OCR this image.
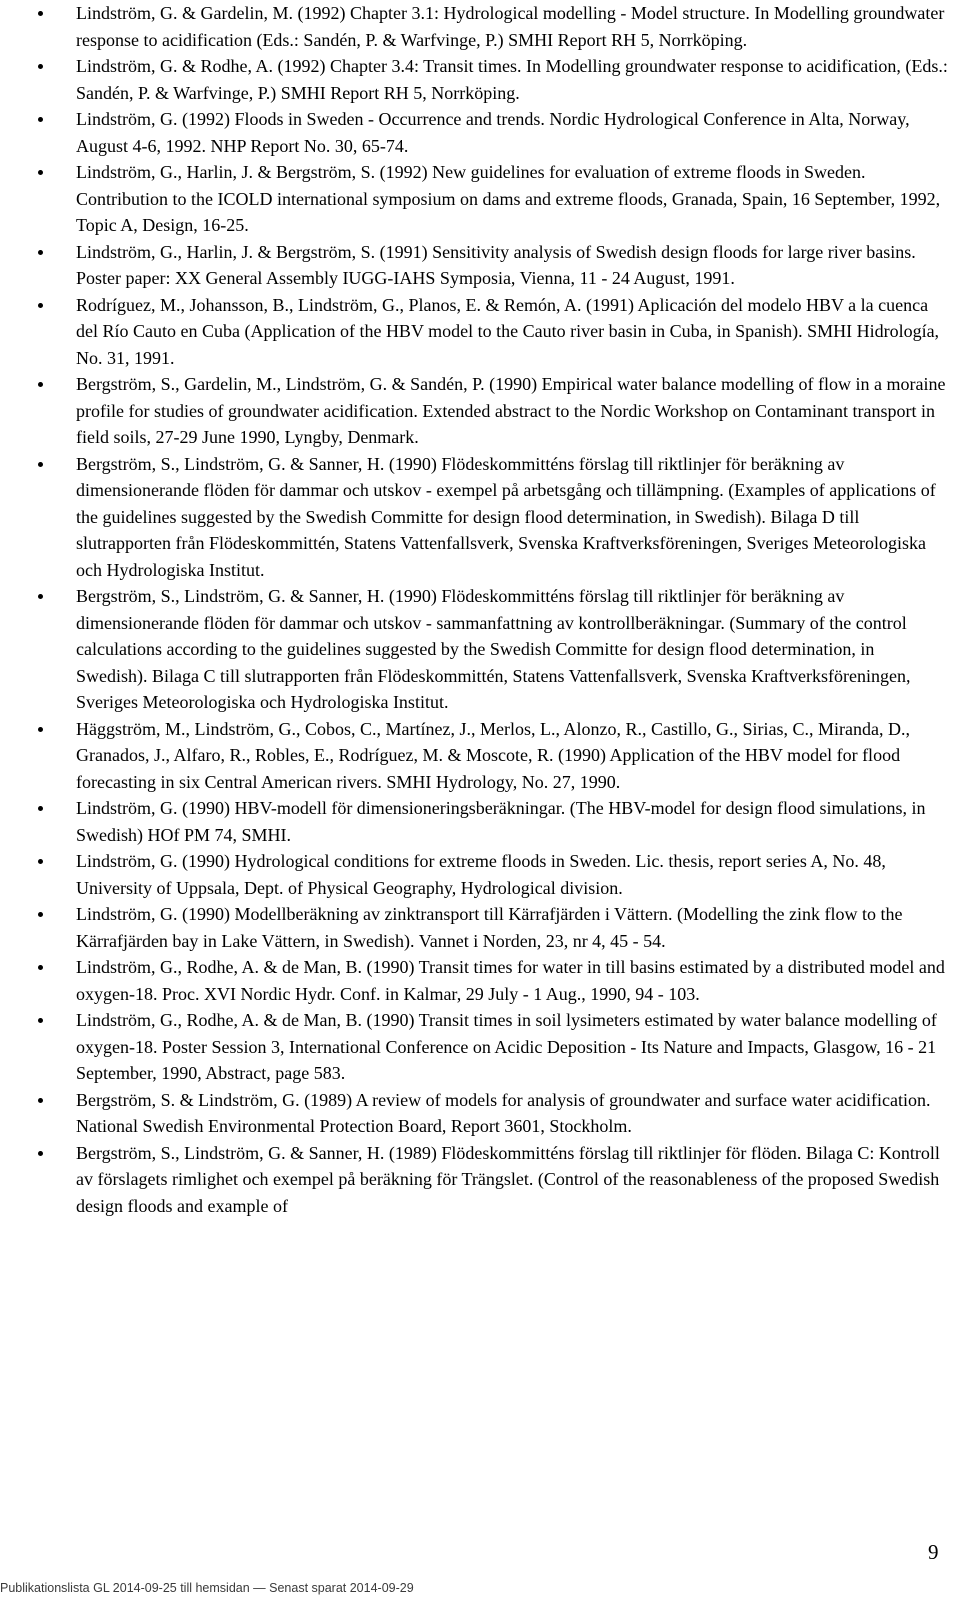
Lindström, G. & Gardelin, M. (1992) Chapter 3.1: Hydrological modelling - Model structure. In Modelling groundwater response to acidification (Eds.: Sandén, P. & Warfvinge, P.) SMHI Report RH 5, Norrköping.
Lindström, G. & Rodhe, A. (1992) Chapter 3.4: Transit times. In Modelling groundwater response to acidification, (Eds.: Sandén, P. & Warfvinge, P.) SMHI Report RH 5, Norrköping.
Lindström, G. (1992) Floods in Sweden - Occurrence and trends. Nordic Hydrological Conference in Alta, Norway, August 4-6, 1992. NHP Report No. 30, 65-74.
Lindström, G., Harlin, J. & Bergström, S. (1992) New guidelines for evaluation of extreme floods in Sweden. Contribution to the ICOLD international symposium on dams and extreme floods, Granada, Spain, 16 September, 1992, Topic A, Design, 16-25.
Lindström, G., Harlin, J. & Bergström, S. (1991) Sensitivity analysis of Swedish design floods for large river basins. Poster paper: XX General Assembly IUGG-IAHS Symposia, Vienna, 11 - 24 August, 1991.
Rodríguez, M., Johansson, B., Lindström, G., Planos, E. & Remón, A. (1991) Aplicación del modelo HBV a la cuenca del Río Cauto en Cuba (Application of the HBV model to the Cauto river basin in Cuba, in Spanish). SMHI Hidrología, No. 31, 1991.
Bergström, S., Gardelin, M., Lindström, G. & Sandén, P. (1990) Empirical water balance modelling of flow in a moraine profile for studies of groundwater acidification. Extended abstract to the Nordic Workshop on Contaminant transport in field soils, 27-29 June 1990, Lyngby, Denmark.
Bergström, S., Lindström, G. & Sanner, H. (1990) Flödeskommitténs förslag till riktlinjer för beräkning av dimensionerande flöden för dammar och utskov - exempel på arbetsgång och tillämpning. (Examples of applications of the guidelines suggested by the Swedish Committe for design flood determination, in Swedish). Bilaga D till slutrapporten från Flödeskommittén, Statens Vattenfallsverk, Svenska Kraftverksföreningen, Sveriges Meteorologiska och Hydrologiska Institut.
Bergström, S., Lindström, G. & Sanner, H. (1990) Flödeskommitténs förslag till riktlinjer för beräkning av dimensionerande flöden för dammar och utskov - sammanfattning av kontrollberäkningar. (Summary of the control calculations according to the guidelines suggested by the Swedish Committe for design flood determination, in Swedish). Bilaga C till slutrapporten från Flödeskommittén, Statens Vattenfallsverk, Svenska Kraftverksföreningen, Sveriges Meteorologiska och Hydrologiska Institut.
Häggström, M., Lindström, G., Cobos, C., Martínez, J., Merlos, L., Alonzo, R., Castillo, G., Sirias, C., Miranda, D., Granados, J., Alfaro, R., Robles, E., Rodríguez, M. & Moscote, R. (1990) Application of the HBV model for flood forecasting in six Central American rivers. SMHI Hydrology, No. 27, 1990.
Lindström, G. (1990) HBV-modell för dimensioneringsberäkningar. (The HBV-model for design flood simulations, in Swedish) HOf PM 74, SMHI.
Lindström, G. (1990) Hydrological conditions for extreme floods in Sweden. Lic. thesis, report series A, No. 48, University of Uppsala, Dept. of Physical Geography, Hydrological division.
Lindström, G. (1990) Modellberäkning av zinktransport till Kärrafjärden i Vättern. (Modelling the zink flow to the Kärrafjärden bay in Lake Vättern, in Swedish). Vannet i Norden, 23, nr 4, 45 - 54.
Lindström, G., Rodhe, A. & de Man, B. (1990) Transit times for water in till basins estimated by a distributed model and oxygen-18. Proc. XVI Nordic Hydr. Conf. in Kalmar, 29 July - 1 Aug., 1990, 94 - 103.
Lindström, G., Rodhe, A. & de Man, B. (1990) Transit times in soil lysimeters estimated by water balance modelling of oxygen-18. Poster Session 3, International Conference on Acidic Deposition - Its Nature and Impacts, Glasgow, 16 - 21 September, 1990, Abstract, page 583.
Bergström, S. & Lindström, G. (1989) A review of models for analysis of groundwater and surface water acidification. National Swedish Environmental Protection Board, Report 3601, Stockholm.
Bergström, S., Lindström, G. & Sanner, H. (1989) Flödeskommitténs förslag till riktlinjer för flöden. Bilaga C: Kontroll av förslagets rimlighet och exempel på beräkning för Trängslet. (Control of the reasonableness of the proposed Swedish design floods and example of
Publikationslista GL 2014-09-25 till hemsidan — Senast sparat 2014-09-29
9
